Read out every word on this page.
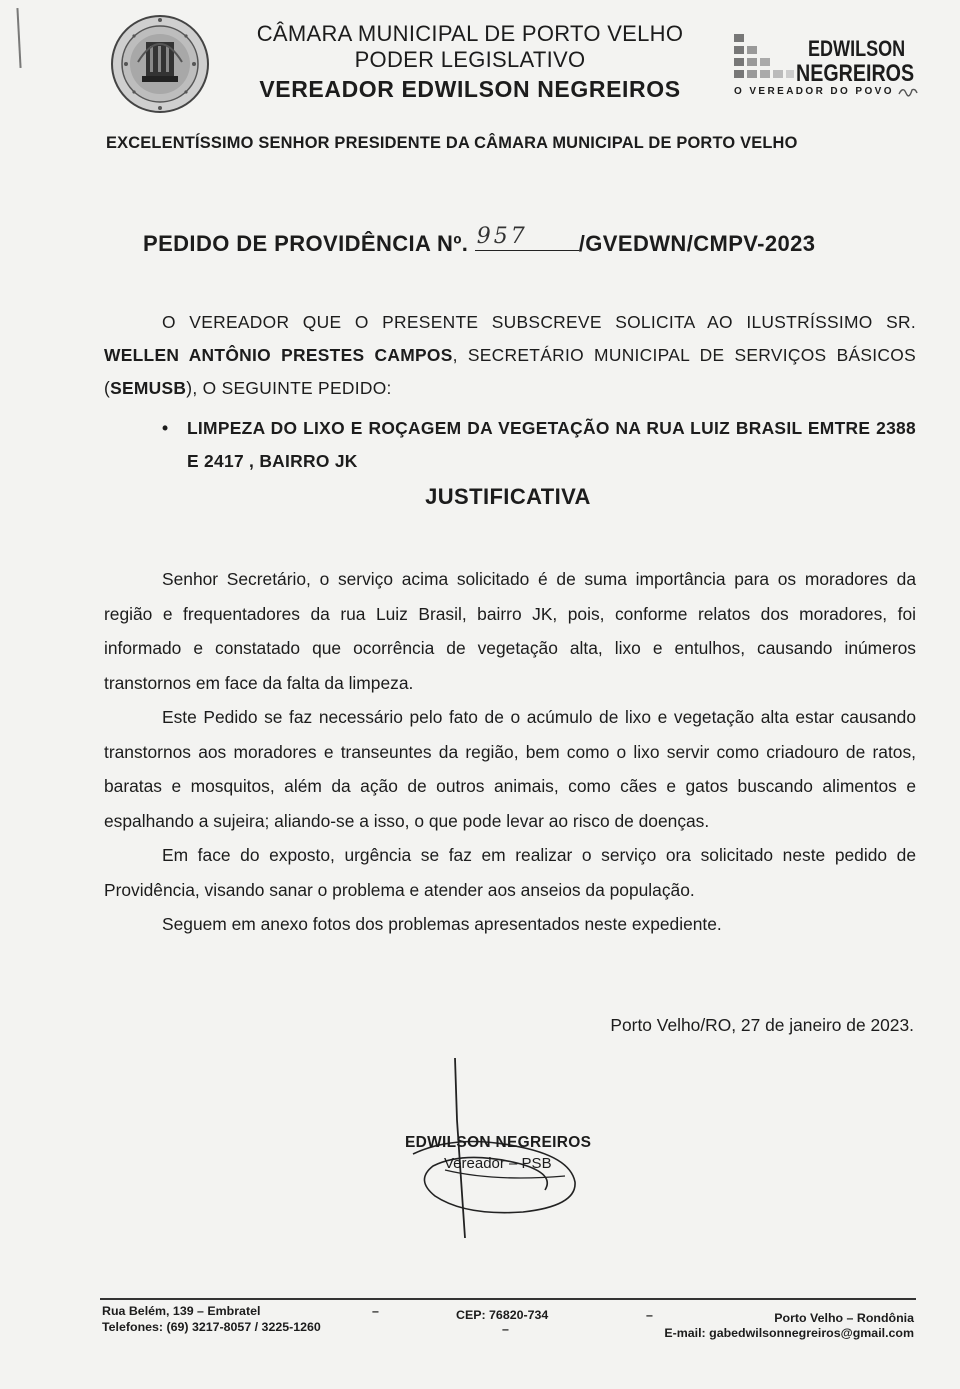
CÂMARA MUNICIPAL DE PORTO VELHO
PODER LEGISLATIVO
VEREADOR EDWILSON NEGREIROS
EDWILSON
NEGREIROS
O VEREADOR DO POVO
EXCELENTÍSSIMO SENHOR PRESIDENTE DA CÂMARA MUNICIPAL DE PORTO VELHO
PEDIDO DE PROVIDÊNCIA Nº. 957 /GVEDWN/CMPV-2023

O VEREADOR QUE O PRESENTE SUBSCREVE SOLICITA AO ILUSTRÍSSIMO SR. WELLEN ANTÔNIO PRESTES CAMPOS, SECRETÁRIO MUNICIPAL DE SERVIÇOS BÁSICOS (SEMUSB), O SEGUINTE PEDIDO:

• LIMPEZA DO LIXO E ROÇAGEM DA VEGETAÇÃO NA RUA LUIZ BRASIL EMTRE 2388 E 2417 , BAIRRO JK
JUSTIFICATIVA

Senhor Secretário, o serviço acima solicitado é de suma importância para os moradores da região e frequentadores da rua Luiz Brasil, bairro JK, pois, conforme relatos dos moradores, foi informado e constatado que ocorrência de vegetação alta, lixo e entulhos, causando inúmeros transtornos em face da falta da limpeza.

Este Pedido se faz necessário pelo fato de o acúmulo de lixo e vegetação alta estar causando transtornos aos moradores e transeuntes da região, bem como o lixo servir como criadouro de ratos, baratas e mosquitos, além da ação de outros animais, como cães e gatos buscando alimentos e espalhando a sujeira; aliando-se a isso, o que pode levar ao risco de doenças.

Em face do exposto, urgência se faz em realizar o serviço ora solicitado neste pedido de Providência, visando sanar o problema e atender aos anseios da população.

Seguem em anexo fotos dos problemas apresentados neste expediente.

Porto Velho/RO, 27 de janeiro de 2023.
EDWILSON NEGREIROS
Vereador – PSB
Rua Belém, 139 – Embratel
Telefones: (69) 3217-8057 / 3225-1260
–	CEP: 76820-734
–
–	Porto Velho – Rondônia
E-mail: gabedwilsonnegreiros@gmail.com
